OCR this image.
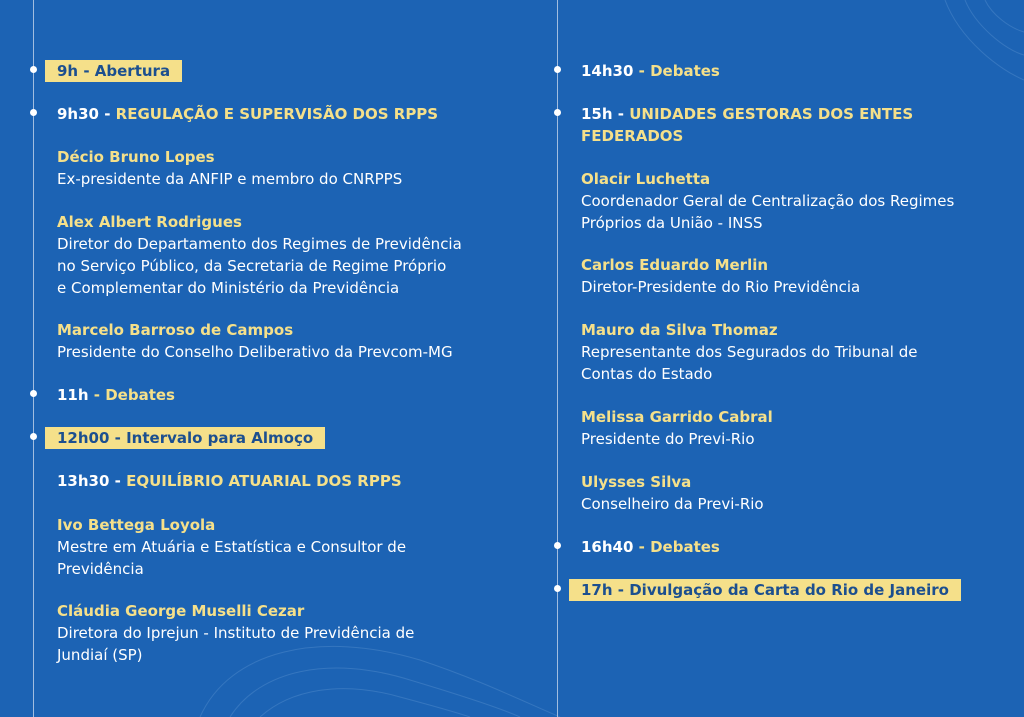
9h - Abertura
9h30 - REGULAÇÃO E SUPERVISÃO DOS RPPS
Décio Bruno Lopes
Ex-presidente da ANFIP e membro do CNRPPS
Alex Albert Rodrigues
Diretor do Departamento dos Regimes de Previdência
no Serviço Público, da Secretaria de Regime Próprio
e Complementar do Ministério da Previdência
Marcelo Barroso de Campos
Presidente do Conselho Deliberativo da Prevcom-MG
11h - Debates
12h00 - Intervalo para Almoço
13h30 - EQUILÍBRIO ATUARIAL DOS RPPS
Ivo Bettega Loyola
Mestre em Atuária e Estatística e Consultor de
Previdência
Cláudia George Muselli Cezar
Diretora do Iprejun - Instituto de Previdência de
Jundiaí (SP)
14h30 - Debates
15h - UNIDADES GESTORAS DOS ENTES
FEDERADOS
Olacir Luchetta
Coordenador Geral de Centralização dos Regimes
Próprios da União - INSS
Carlos Eduardo Merlin
Diretor-Presidente do Rio Previdência
Mauro da Silva Thomaz
Representante dos Segurados do Tribunal de
Contas do Estado
Melissa Garrido Cabral
Presidente do Previ-Rio
Ulysses Silva
Conselheiro da Previ-Rio
16h40 - Debates
17h - Divulgação da Carta do Rio de Janeiro
